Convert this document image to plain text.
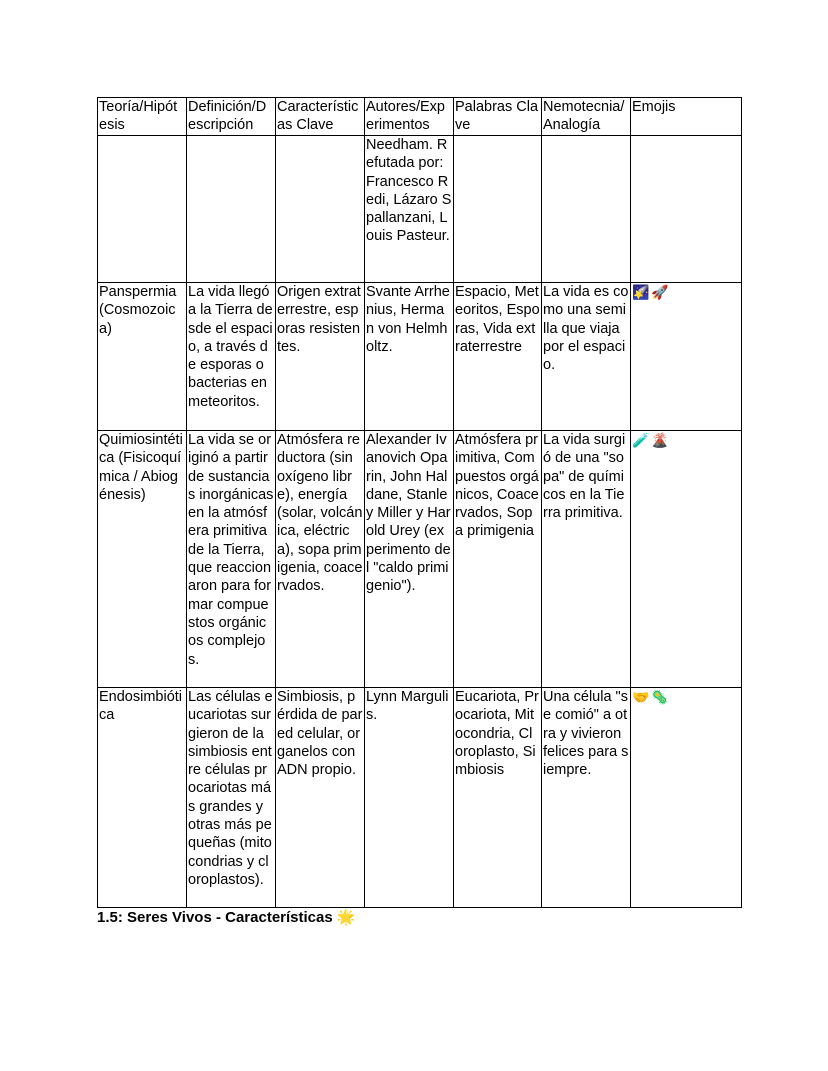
Teoría/Hipótesis	Definición/Descripción	Características Clave	Autores/Experimentos	Palabras Clave	Nemotecnia/Analogía	Emojis
			Needham. Refutada por: Francesco Redi, Lázaro Spallanzani, Louis Pasteur.			
Panspermia (Cosmozoica)	La vida llegó a la Tierra desde el espacio, a través de esporas o bacterias en meteoritos.	Origen extraterrestre, esporas resistentes.	Svante Arrhenius, Herman von Helmholtz.	Espacio, Meteoritos, Esporas, Vida extraterrestre	La vida es como una semilla que viaja por el espacio.	🌠🚀
Quimiosintética (Fisicoquímica / Abiogénesis)	La vida se originó a partir de sustancias inorgánicas en la atmósfera primitiva de la Tierra, que reaccionaron para formar compuestos orgánicos complejos.	Atmósfera reductora (sin oxígeno libre), energía (solar, volcánica, eléctrica), sopa primigenia, coacervados.	Alexander Ivanovich Oparin, John Haldane, Stanley Miller y Harold Urey (experimento del "caldo primigenio").	Atmósfera primitiva, Compuestos orgánicos, Coacervados, Sopa primigenia	La vida surgió de una "sopa" de químicos en la Tierra primitiva.	🧪🌋
Endosimbiótica	Las células eucariotas surgieron de la simbiosis entre células procariotas más grandes y otras más pequeñas (mitocondrias y cloroplastos).	Simbiosis, pérdida de pared celular, organelos con ADN propio.	Lynn Margulis.	Eucariota, Procariota, Mitocondria, Cloroplasto, Simbiosis	Una célula "se comió" a otra y vivieron felices para siempre.	🤝🦠
1.5: Seres Vivos - Características 🌟
